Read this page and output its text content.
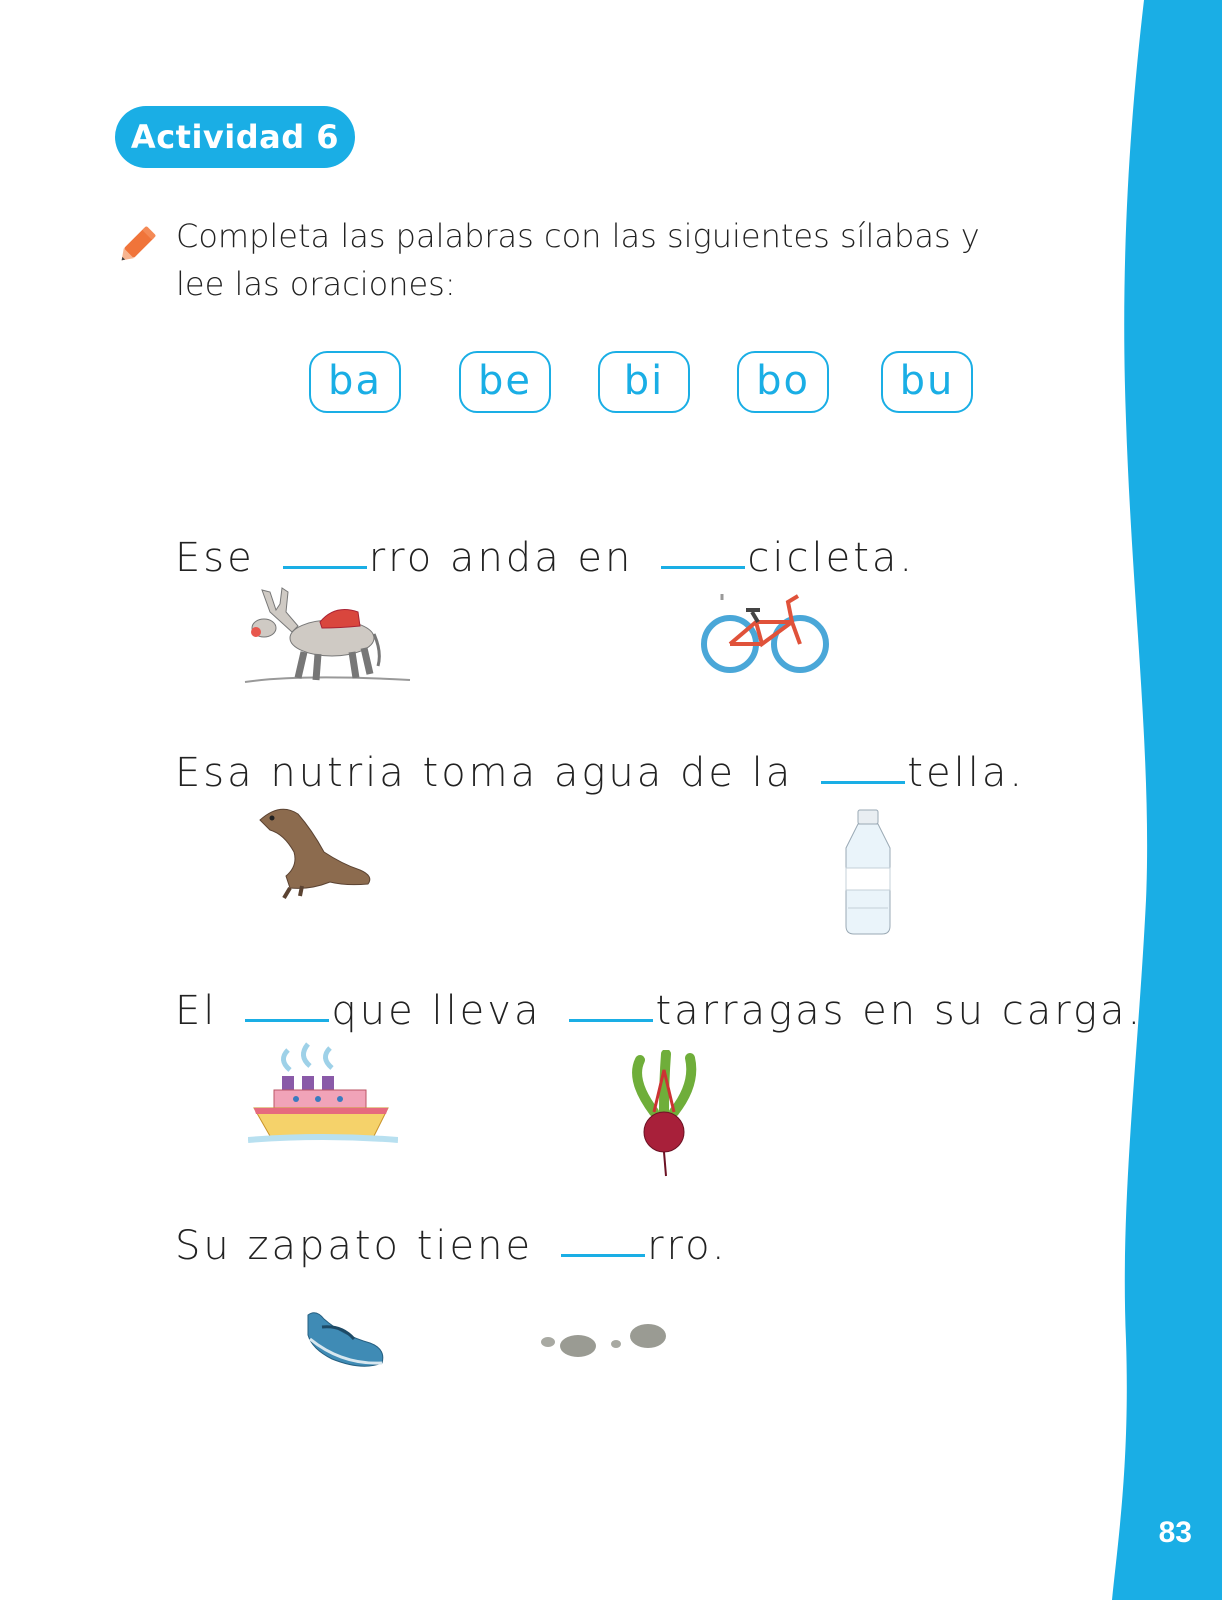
83
Actividad 6
Completa las palabras con las siguientes sílabas y
lee las oraciones:
ba	be	bi	bo	bu
Ese	rro anda en	cicleta.
Esa nutria toma agua de la	tella.
El	que lleva	tarragas en su carga.
Su zapato tiene	rro.
